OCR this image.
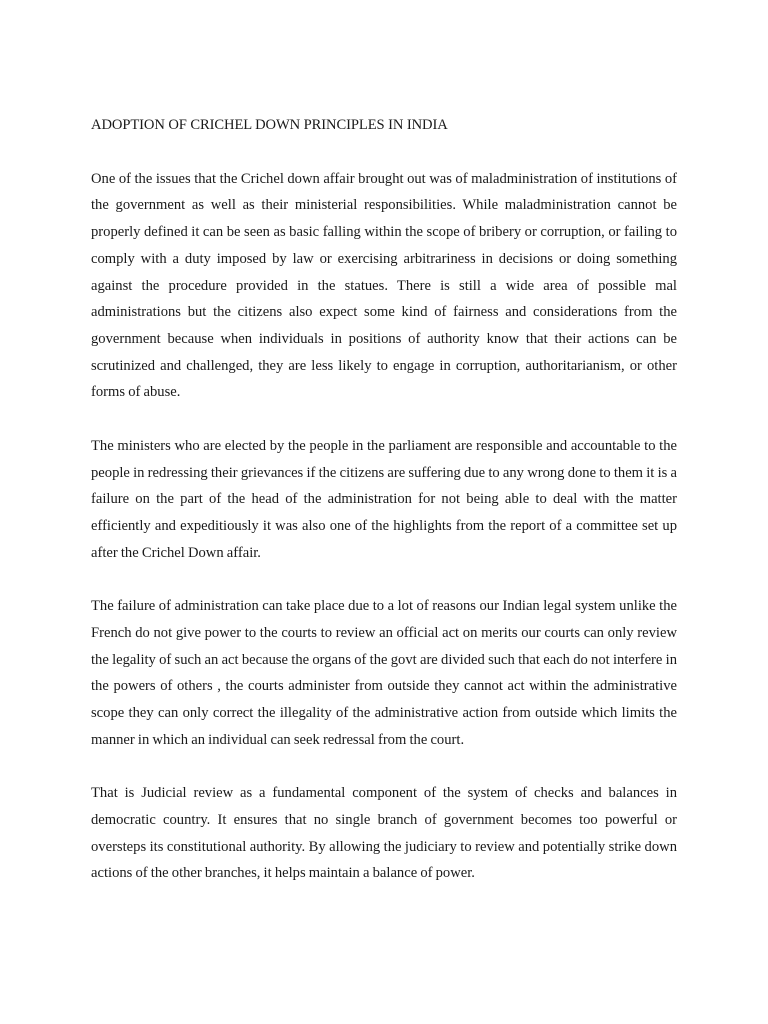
ADOPTION OF CRICHEL DOWN PRINCIPLES IN INDIA

One of the issues that the Crichel down affair brought out was of maladministration of institutions of the government as well as their ministerial responsibilities. While maladministration cannot be properly defined it can be seen as basic falling within the scope of bribery or corruption, or failing to comply with a duty imposed by law or exercising arbitrariness in decisions or doing something against the procedure provided in the statues. There is still a wide area of possible mal administrations but the citizens also expect some kind of fairness and considerations from the government because when individuals in positions of authority know that their actions can be scrutinized and challenged, they are less likely to engage in corruption, authoritarianism, or other forms of abuse.

The ministers who are elected by the people in the parliament are responsible and accountable to the people in redressing their grievances if the citizens are suffering due to any wrong done to them it is a failure on the part of the head of the administration for not being able to deal with the matter efficiently and expeditiously it was also one of the highlights from the report of a committee set up after the Crichel Down affair.

The failure of administration can take place due to a lot of reasons our Indian legal system unlike the French do not give power to the courts to review an official act on merits our courts can only review the legality of such an act because the organs of the govt are divided such that each do not interfere in the powers of others , the courts administer from outside they cannot act within the administrative scope they can only correct the illegality of the administrative action from outside which limits the manner in which an individual can seek redressal from the court.

That is Judicial review as a fundamental component of the system of checks and balances in democratic country. It ensures that no single branch of government becomes too powerful or oversteps its constitutional authority. By allowing the judiciary to review and potentially strike down actions of the other branches, it helps maintain a balance of power.
